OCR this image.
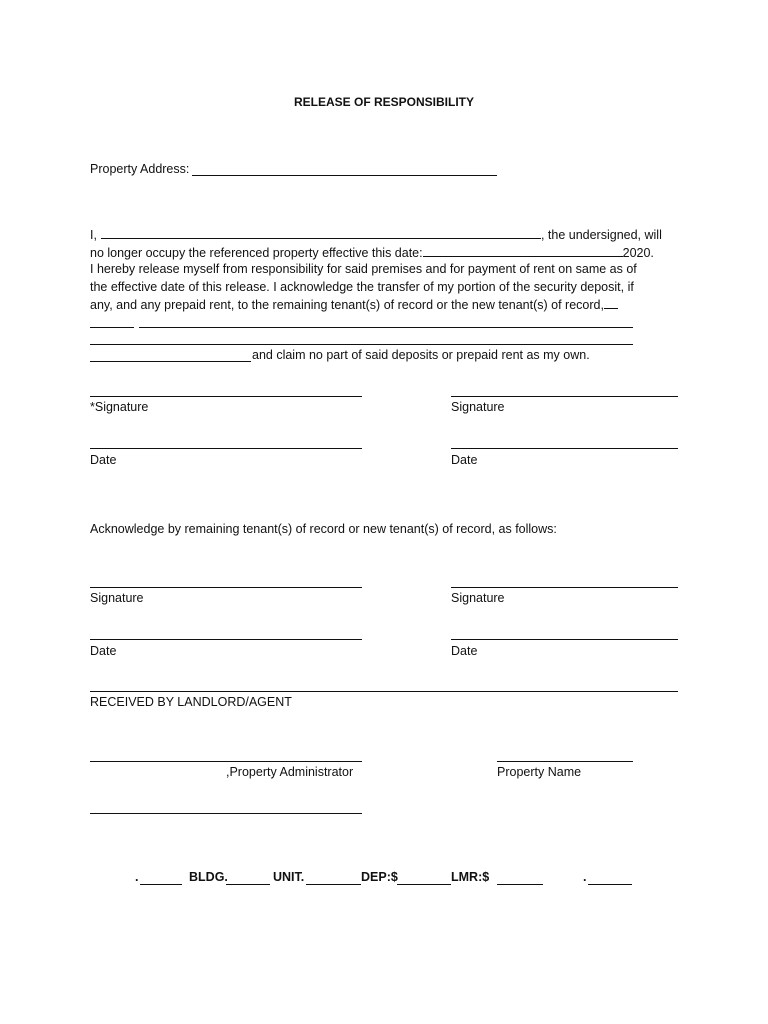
RELEASE OF RESPONSIBILITY
Property Address:
I,	, the undersigned, will
no longer occupy the referenced property effective this date:	2020.
I hereby release myself from responsibility for said premises and for payment of rent on same as of
the effective date of this release. I acknowledge the transfer of my portion of the security deposit, if
any, and any prepaid rent, to the remaining tenant(s) of record or the new tenant(s) of record,
and claim no part of said deposits or prepaid rent as my own.
*Signature	Signature
Date	Date
Acknowledge by remaining tenant(s) of record or new tenant(s) of record, as follows:
Signature	Signature
Date	Date
RECEIVED BY LANDLORD/AGENT
,Property Administrator	Property Name
.	BLDG.	UNIT.	DEP:$	LMR:$	.
